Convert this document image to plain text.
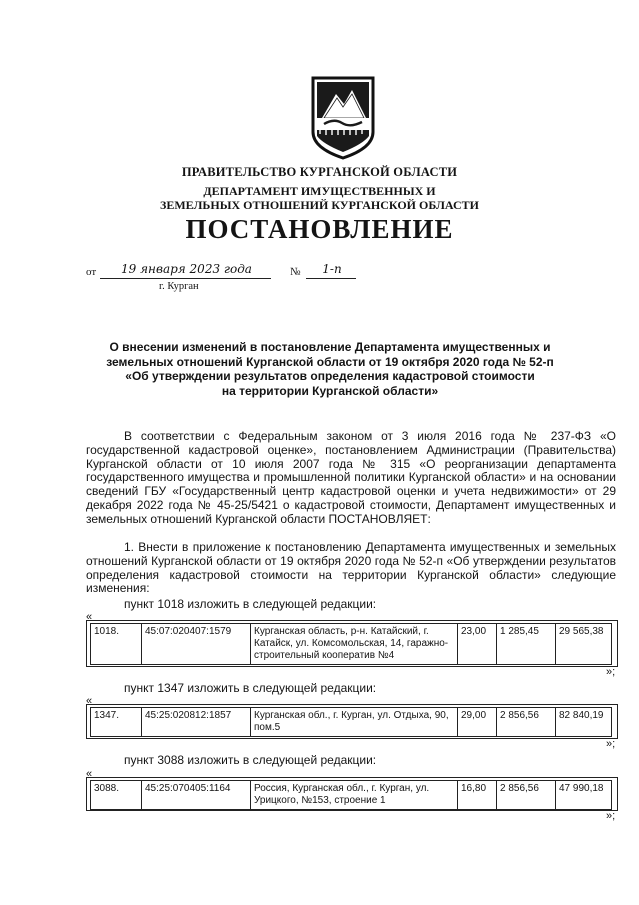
ПРАВИТЕЛЬСТВО КУРГАНСКОЙ ОБЛАСТИ
ДЕПАРТАМЕНТ ИМУЩЕСТВЕННЫХ И
ЗЕМЕЛЬНЫХ ОТНОШЕНИЙ КУРГАНСКОЙ ОБЛАСТИ
ПОСТАНОВЛЕНИЕ
от	19 января 2023 года	№	1-п
г. Курган
О внесении изменений в постановление Департамента имущественных и
земельных отношений Курганской области от 19 октября 2020 года № 52-п
«Об утверждении результатов определения кадастровой стоимости
на территории Курганской области»
В соответствии с Федеральным законом от 3 июля 2016 года № 237-ФЗ «О государственной кадастровой оценке», постановлением Администрации (Правительства) Курганской области от 10 июля 2007 года № 315 «О реорганизации департамента государственного имущества и промышленной политики Курганской области» и на основании сведений ГБУ «Государственный центр кадастровой оценки и учета недвижимости» от 29 декабря 2022 года № 45-25/5421 о кадастровой стоимости, Департамент имущественных и земельных отношений Курганской области ПОСТАНОВЛЯЕТ:
1. Внести в приложение к постановлению Департамента имущественных и земельных отношений Курганской области от 19 октября 2020 года № 52-п «Об утверждении результатов определения кадастровой стоимости на территории Курганской области» следующие изменения:
пункт 1018 изложить в следующей редакции:
«
1018.	45:07:020407:1579	Курганская область, р-н. Катайский, г. Катайск, ул. Комсомольская, 14, гаражно-строительный кооператив №4	23,00	1 285,45	29 565,38
»;
пункт 1347 изложить в следующей редакции:
«
1347.	45:25:020812:1857	Курганская обл., г. Курган, ул. Отдыха, 90, пом.5	29,00	2 856,56	82 840,19
»;
пункт 3088 изложить в следующей редакции:
«
3088.	45:25:070405:1164	Россия, Курганская обл., г. Курган, ул. Урицкого, №153, строение 1	16,80	2 856,56	47 990,18
»;
